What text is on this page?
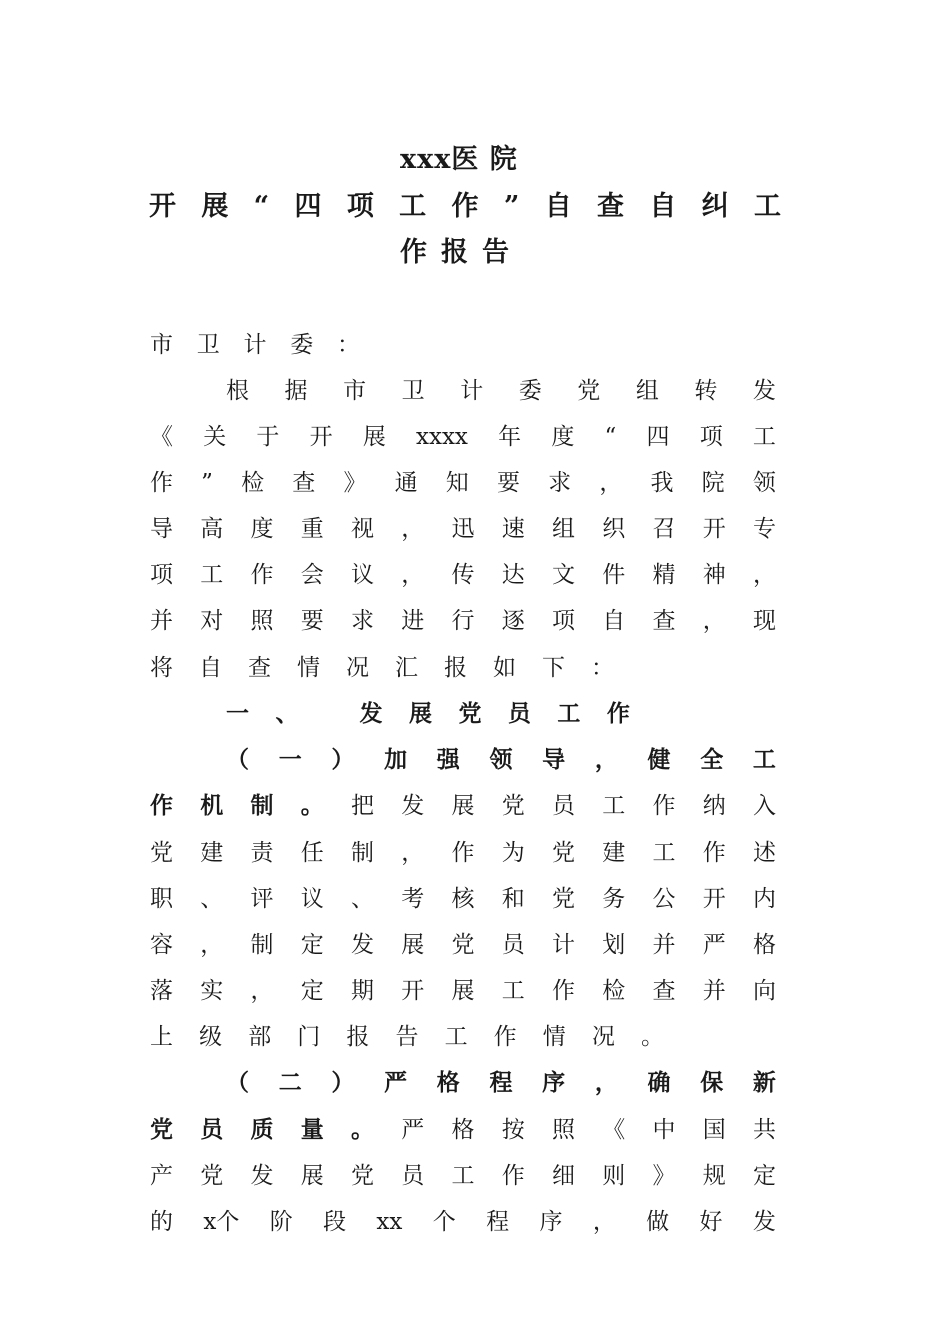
xxx医 院
开 展 “ 四 项 工 作 ” 自 查 自 纠 工
作报告
市 卫 计 委 ：
根 据 市 卫 计 委 党 组 转 发
《 关 于 开 展 xxxx 年 度 “ 四 项 工
作 ” 检 查 》 通 知 要 求 ， 我 院 领
导 高 度 重 视 ， 迅 速 组 织 召 开 专
项 工 作 会 议 ， 传 达 文 件 精 神 ，
并 对 照 要 求 进 行 逐 项 自 查 ， 现
将 自 查 情 况 汇 报 如 下 ：
一 、
	发 展 党 员 工 作
（ 一 ） 加 强 领 导 ， 健 全 工
作 机 制 。 把 发 展 党 员 工 作 纳 入
党 建 责 任 制 ， 作 为 党 建 工 作 述
职 、 评 议 、 考 核 和 党 务 公 开 内
容 ， 制 定 发 展 党 员 计 划 并 严 格
落 实 ， 定 期 开 展 工 作 检 查 并 向
上 级 部 门 报 告 工 作 情 况 。
（ 二 ） 严 格 程 序 ， 确 保 新
党 员 质 量 。 严 格 按 照 《 中 国 共
产 党 发 展 党 员 工 作 细 则 》 规 定
的 x个 阶 段 xx 个 程 序 ， 做 好 发
